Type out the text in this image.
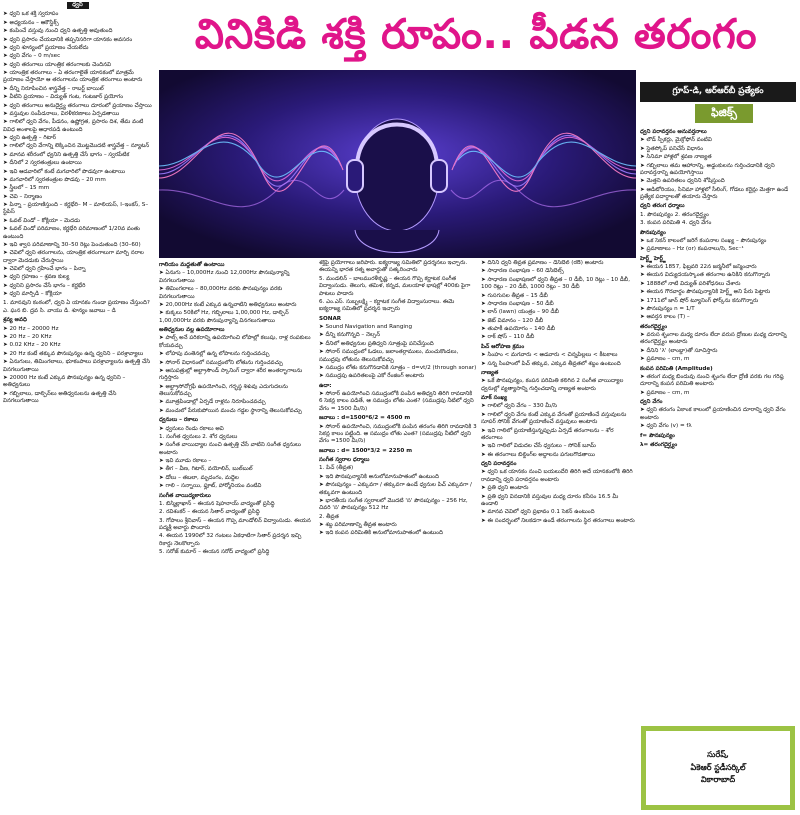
వినికిడి శక్తి రూపం.. పీడన తరంగం
ధ్వని

➤ ధ్వని ఒక శక్తి స్వరూపం

➤ అధ్యయనం – ఆకౌస్టిక్స్‌

➤ కంపించే వస్తువు నుంచి ధ్వని ఉత్పత్తి అవుతుంది

➤ ధ్వని ప్రసారం చేయడానికి తప్పనిసరిగా యానకం అవసరం

➤ ధ్వని శూన్యంలో ప్రయాణం చేయలేదు

➤ ధ్వని వేగం – 0 m/sec

➤ ధ్వని తరంగాలు యాంత్రిక తరంగాలకు చెందినవి

➤ యాంత్రిక తరంగాలు – ఏ తరంగాలైతే యానకంలో మాత్రమే ప్రయాణం చేస్తాయో ఆ తరంగాలను యాంత్రిక తరంగాలు అంటారు

➤ దీన్ని నిరూపించిన శాస్త్రవేత్త – రాబర్ట్‌ బాయిల్‌

➤ వీటిని ప్రయాణం – విద్యుత్‌ గంట, గంటజార్‌ ప్రయోగం

➤ ధ్వని తరంగాలు అనుదైర్ఘ్య తరంగాలు దూరంలో ప్రయాణం చేస్తాయి

➤ వస్తువుల సంపీడనాలు, విరళీకరణాలు ఏర్పడతాయి

➤ గాలిలో ధ్వని వేగం, పీడనం, ఉష్ణోగ్రత, ప్రసారం దిశ, తేమ వంటి వివిధ అంశాలపై ఆధారపడి ఉంటుంది

➤ ధ్వని ఉత్పత్తి – గిటార్‌

➤ గాలిలో ధ్వని వేగాన్ని లెక్కించిన మొట్టమొదటి శాస్త్రవేత్త – న్యూటన్‌

➤ మానవ శరీరంలో ధ్వనిని ఉత్పత్తి చేసే భాగం – స్వరపేటిక

➤ దీనిలో 2 స్వరతంత్రులు ఉంటాయి

➤ ఇవి ఆడవారిలో కంటే మగవారిలో పొడవుగా ఉంటాయి

➤ మగవారిలో స్వరతంత్రుల పొడవు – 20 mm

➤ స్త్రీలలో – 15 mm

➤ చెవి – నిర్మాణం

➤ పిన్నా – ప్రయాణిస్తుంది – కర్ణభేరి– M – మాలియస్‌, I–ఇంకస్‌, S–స్టేపిస్‌

➤ ఓవల్‌ విండో – కోక్లియా – మెదడు

➤ ఓవల్‌ విండో పరిమాణం, కర్ణభేరి పరిమాణంలో 1/20వ వంతు ఉంటుంది

➤ ఇవి శ్వాస పరిమాణాన్ని 30–50 రెట్లు పెంచుతుంది (30–60)

➤ చెవిలో ధ్వని తరంగాలను, యాంత్రిక తరంగాలుగా మార్చి నరాల ద్వారా మెదడుకు చేరుస్తాయి

➤ చెవిలో ధ్వని గ్రహించే భాగం – పిన్నా

➤ ధ్వని గ్రహణం – శ్రవణ కుల్య

➤ ధ్వనిని ప్రసారం చేసే భాగం – కర్ణభేరి

➤ ధ్వని మార్పిడి – కోక్లియా

1. మానవుని కంఠంలో, ధ్వని ఏ యానకం గుండా ప్రయాణం చేస్తుంది?

ఎ. ఘన బి. ద్రవ సి. వాయు డి. శూన్యం జవాబు – డి

శ్రవ్య అవధి

➤ 20 Hz – 20000 Hz

➤ 20 Hz – 20 KHz

➤ 0.02 KHz – 20 KHz

➤ 20 Hz కంటే తక్కువ పౌనఃపున్యం ఉన్న ధ్వనిని – పరశ్రావ్యాలు

➤ ఏనుగులు, తిమింగలాలు, భూకంపాలు పరశ్రావ్యాలను ఉత్పత్తి చేసి వినగలుగుతాయి

➤ 20000 Hz కంటే ఎక్కువ పౌనఃపున్యం ఉన్న ధ్వనిని – అతిధ్వనులు

➤ గబ్బిలాలు, డాల్ఫిన్‌లు అతిధ్వనులను ఉత్పత్తి చేసి వినగలుగుతాయి

గాలియం మద్దతుతో ఉంటాయి

➤ ఏనుగు – 10,000Hz నుంచి 12,000Hz పౌనఃపున్యాన్ని వినగలుగుతాయి

➤ తిమింగలాలు – 80,000Hz వరకు పౌనఃపున్యం వరకు వినగలుగుతాయి

➤ 20,000Hz కంటే ఎక్కువ ఉన్నవాటిని అతిధ్వనులు అంటారు

➤ కుక్కలు 50కిలో Hz, గబ్బిలాలు 1,00,000 Hz, డాల్ఫిన్‌ 1,00,000Hz వరకు పౌనఃపున్యాన్ని వినగలుగుతాయి

అతిధ్వనుల వల్ల ఉపయోగాలు

➤ పాల్స్‌ అనే పరికరాన్ని ఉపయోగించి లోపాల్లో కలుషు, రాళ్ల రంపకులు కోయవచ్చు

➤ లోహపు వంతెనల్లో ఉన్న లోపాలను గుర్తించవచ్చు

➤ సోనార్‌ విధానంలో సముద్రంలోని లోతును గుర్తించవచ్చు

➤ ఆసుపత్రుల్లో అల్ట్రాసౌండ్‌ స్కానింగ్‌ ద్వారా శరీర అంతర్భాగాలను గుర్తిస్తారు

➤ అల్ట్రాసోనోగ్రఫీ ఉపయోగించి, గర్భస్థ శిశువు ఎదుగుదలను తెలుసుకోవచ్చు

➤ మూత్రపిండాల్లో ఏర్పడే రాళ్లను నిరూపించవచ్చు

➤ మంచులో పేరుకుపోయిన మంచు గడ్డల స్థానాన్ని తెలుసుకోవచ్చు

ధ్వనులు – రకాలు

➤ ధ్వనులు రెండు రకాలు అవి

1. సంగీత ధ్వనులు 2. శోర ధ్వనులు

➤ సంగీత వాయిద్యాల నుంచి ఉత్పత్తి చేసే వాటిని సంగీత ధ్వనులు అంటారు

➤ ఇవి మూడు రకాలు –

➤ తీగ – వీణ, గిటార్‌, వయోలిన్‌, బుల్‌బుల్‌

➤ డోలు – తబలా, మృదంగం, మద్దెల

➤ గాలి – సన్నాయి, ఫ్లూట్‌, హార్మోనియం వంటివి

సంగీత వాయిద్యకారులు

1. బిస్మిల్లాఖాన్‌ – ఈయన షెహనాయ్‌ వాద్యంతో ప్రసిద్ధి

2. రవిశంకర్‌ – ఈయన సితార్‌ వాద్యంతో ప్రసిద్ధి

3. గోపాలం శ్రీనివాస్‌ – ఈయన గొప్ప మాండోలిన్‌ విద్వాంసుడు. ఈయన పద్మశ్రీ అవార్డు పొందారు

4. ఈయన 1990లో 32 గంటలు ఏకధాటిగా సితార్‌ ప్రదర్శన ఇచ్చి రికార్డు నెలకొల్పారు

5. సరోజ్‌ కుమార్‌ – ఈయన సరోద్‌ వాద్యంలో ప్రసిద్ధి

శక్తిపై ప్రయోగాలు జరిపారు. ఐక్యరాజ్య సమితిలో ప్రదర్శనలు ఇచ్చారు. ఈయన్ని భారత రత్న అవార్డుతో సత్కరించారు

5. మండలిన్‌ – బాలమురళీకృష్ణ – ఈయన గొప్ప కర్ణాటక సంగీత విద్వాంసుడు. తెలుగు, తమిళ, కన్నడ, మలయాళ భాషల్లో 400కు పైగా పాటలు పాడారు

6. ఎం.ఎస్‌. సుబ్బలక్ష్మి – కర్ణాటక సంగీత విద్వాంసురాలు. ఈమె ఐక్యరాజ్య సమితిలో ప్రదర్శన ఇచ్చారు

SONAR

➤ Sound Navigation and Ranging

➤ దీన్ని కనుగొన్నది – నెల్సన్‌

➤ దీనిలో అతిధ్వనుల ప్రతిధ్వని సూత్రంపై పనిచేస్తుంది

➤ సోనార్‌ సముద్రంలో ఓడలు, జలాంతర్గాములు, మంచుకొండలు, సముద్రపు లోతును తెలుసుకోవచ్చు

➤ సముద్రం లోతు కనుగొనడానికి సూత్రం – d=vt/2 (through sonar)

➤ సముద్రపు ఉపరితలంపై ఎకో రేంజింగ్‌ అంటారు

ఉదా:

➤ సోనార్‌ ఉపయోగించి సముద్రంలోకి పంపిన అతిధ్వని తిరిగి రావడానికి 6 సెకన్ల కాలం పడితే, ఆ సముద్రం లోతు ఎంత? (సముద్రపు నీటిలో ధ్వని వేగం = 1500 మీ/సె)

జవాబు : d=1500*6/2 = 4500 m

➤ సోనార్‌ ఉపయోగించి, సముద్రంలోకి పంపిన తరంగం తిరిగి రావడానికి 3 సెకన్ల కాలం పట్టింది. ఆ సముద్రం లోతు ఎంత? (సముద్రపు నీటిలో ధ్వని వేగం =1500 మీ/సె)

జవాబు : d= 1500*3/2 = 2250 m

సంగీత స్వరాల ధర్మాలు

1. పిచ్‌ (తీవ్రత)

➤ ఇది పౌనఃపున్యానికి అనులోమానుపాతంలో ఉంటుంది

➤ పౌనఃపున్యం – ఎక్కువగా / తక్కువగా ఉండే ధ్వనుల పిచ్‌ ఎక్కువగా / తక్కువగా ఉంటుంది

➤ భారతీయ సంగీత స్వరాలలో మొదటి 'స' పౌనఃపున్యం – 256 Hz, చివరి 'స' పౌనఃపున్యం 512 Hz

2. తీవ్రత

➤ శబ్ద పరిమాణాన్ని తీవ్రత అంటారు

➤ ఇది కంపన పరిమితికి అనులోమానుపాతంలో ఉంటుంది

➤ దీనిని ధ్వని తీవ్రత ప్రమాణం – డెసిబెల్‌ (dB) అంటారు

➤ సాధారణ సంభాషణ – 60 డెసిబెల్స్‌

➤ సాధారణ సంభాషణలో ధ్వని తీవ్రత – 0 డీబీ, 10 రెట్లు – 10 డీబీ, 100 రెట్లు – 20 డీబీ, 1000 రెట్లు – 30 డీబీ

➤ గుసగుసల తీవ్రత – 15 డీబీ

➤ సాధారణ సంభాషణ – 50 డీబీ

➤ లాన్‌ (lawn) యంత్రం – 90 డీబీ

➤ జెట్‌ విమానం – 120 డీబీ

➤ తుపాకీ ఉపయోగం – 140 డీబీ

➤ రాక్‌ షోస్‌ – 110 డీబీ

పిచ్‌ ఆరోహణ క్రమం

➤ సింహం < మగవారు < ఆడవారు < చిన్నపిల్లలు < కీటకాలు

➤ సన్న సింహంలో పిచ్‌ తక్కువ, ఎక్కువ తీవ్రతలో శబ్దం ఉంటుంది

నాణ్యత

➤ ఒకే పౌనఃపున్యం, కంపన పరిమితి కలిగిన 2 సంగీత వాయిద్యాల ధ్వనుల్లో వ్యత్యాసాన్ని గుర్తించడాన్ని నాణ్యత అంటారు

మాక్‌ సంఖ్య

➤ గాలిలో ధ్వని వేగం – 330 మీ/సె

➤ గాలిలో ధ్వని వేగం కంటే ఎక్కువ వేగంతో ప్రయాణించే వస్తువులను సూపర్‌ సోనిక్‌ వేగంతో ప్రయాణించే వస్తువులు అంటారు

➤ ఇవి గాలిలో ప్రయాణిస్తున్నప్పుడు ఏర్పడే తరంగాలను – శోర తరంగాలు

➤ ఇవి గాలిలో విడుదల చేసే ధ్వనులు – సోనిక్‌ బూమ్‌

➤ ఈ తరంగాలు బిల్డింగ్‌ల అద్దాలను పగులగొడతాయి

ధ్వని పరావర్తనం

➤ ధ్వని ఒక యానకం నుంచి బయలుదేరి తిరిగి అదే యానకంలోకి తిరిగి రావడాన్ని ధ్వని పరావర్తనం అంటారు

➤ ప్రతి ధ్వని అంటారు

➤ ప్రతి ధ్వని వినడానికి వస్తువుల మధ్య దూరం కనీసం 16.5 మీ ఉండాలి

➤ మానవ చెవిలో ధ్వని ప్రభావం 0.1 సెకన్‌ ఉంటుంది

➤ ఈ సందర్భంలో నిలకడగా ఉండే తరంగాలను స్థిర తరంగాలు అంటారు

గ్రూప్‌-డి, ఆర్‌ఆర్‌బీ ప్రత్యేకం
ఫిజిక్స్‌

ధ్వని పరావర్తనం అనువర్తనాలు

➤ లౌడ్‌ స్పీకర్లు, మైక్రోఫోన్‌ వంటివి

➤ స్టెతస్కోప్‌ పనిచేసే విధానం

➤ సినిమా హాళ్లలో శ్రవణ నాణ్యత

➤ గబ్బిలాలు తమ ఆహారాన్ని, అడ్డంకులను గుర్తించడానికి ధ్వని పరావర్తనాన్ని ఉపయోగిస్తాయి

➤ మెత్తని ఉపరితలం ధ్వనిని శోషిస్తుంది

➤ ఆడిటోరియం, సినిమా హాళ్లలో సీలింగ్‌, గోడలు కర్టెన్లు మెత్తగా ఉండే ప్రత్యేక పదార్థాలతో తయారు చేస్తారు

ధ్వని తరంగ ధర్మాలు

1. పౌనఃపున్యం 2. తరంగదైర్ఘ్యం

3. కంపన పరిమితి 4. ధ్వని వేగం

పౌనఃపున్యం

➤ ఒక సెకన్‌ కాలంలో జరిగే కంపనాల సంఖ్య – పౌనఃపున్యం

➤ ప్రమాణాలు – Hz (or) కంపనాలు/సె, Sec⁻¹

హెర్ట్జ్‌ హెర్ట్జ్‌

➤ ఈయన 1857, ఫిబ్రవరి 22న జర్మనీలో జన్మించారు

➤ ఈయన విద్యుదయస్కాంత తరంగాల ఉనికిని కనుగొన్నారు

➤ 1888లో నాటి విద్యుత్‌ పరిశోధనలు చేశారు

➤ ఈయన గౌరవార్థం పౌనఃపున్యానికి హెర్ట్జ్‌ అని పేరు పెట్టారు

➤ 1711లో జాన్‌ షోర్‌ ట్యూనింగ్‌ ఫోర్క్‌ను కనుగొన్నారు

➤ పౌనఃపున్యం n = 1/T

➤ ఆవర్తన కాలం (T) –

తరంగదైర్ఘ్యం

➤ వరుస శృంగాల మధ్య దూరం లేదా వరుస ద్రోణుల మధ్య దూరాన్ని తరంగదైర్ఘ్యం అంటారు

➤ దీనిని 'λ' (లాంబ్డా)తో సూచిస్తారు

➤ ప్రమాణం – cm, m

కంపన పరిమితి (Amplitude)

➤ తరంగ మధ్య బిందువు నుంచి శృంగం లేదా ద్రోణి వరకు గల గరిష్ఠ దూరాన్ని కంపన పరిమితి అంటారు

➤ ప్రమాణం – cm, m

ధ్వని వేగం

➤ ధ్వని తరంగం ఏకాంక కాలంలో ప్రయాణించిన దూరాన్ని ధ్వని వేగం అంటారు

➤ ధ్వని వేగం (v) = fλ

f= పౌనఃపున్యం

λ= తరంగదైర్ఘ్యం

సురేష్‌,
ఏకెఆర్‌ స్టడీసర్కిల్‌
వికారాబాద్‌
